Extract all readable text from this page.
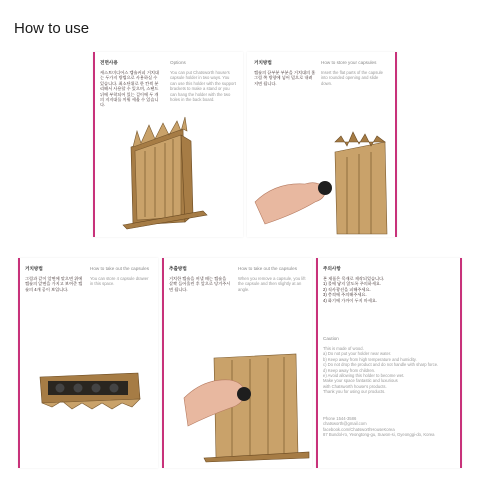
How to use
전면사용
캐스트미디어스 캡슐커피 거치대는 두가지 방법으로 사용하실 수 있습니다. 최소단위로 한 칸씩 분리해서 사용할 수 있으며, 스탠드 뒤에 부착되어 있는 걸이에 두 개의 지지대를 끼워 세울 수 있습니다.
Options
You can put Chatsworth house's capsule holder in two ways. You can use this holder with the support brackets to make a stand or you can hang the holder with the two holes in the back board.
거치방법
캡슐의 끝부분 부분을 거치대의 홈 그림 쪽 방향에 넣어 밀으로 내려 저면 됩니다.
How to store your capsules
Insert the flat parts of the capsule into rounded opening and slide down.
거치방법
그림과 같이 앞면에 맞으면 위에 캡슐의 앞면을 가지고 보여준 캡슐의 4개 공이 보입니다.
How to take out the capsules
You can store 4 capsule drawer in this space.
추출방법
거치한 캡슐을 꺼낼 때는 캡슐을 살짝 들어올린 후 앞으로 당겨주시면 됩니다.
How to take out the capsules
When you remove a capsule, you lift the capsule and then slightly at an angle.
주의사항
본 제품은 목재로 제작되었습니다.
1) 물에 닿지 않도록 주의하세요.
2) 직사광선을 피해주세요.
3) 충격에 주의해주세요.
4) 화기에 가까이 두지 마세요.
Caution
This is made of wood.
a) Do not put your holder near water.
b) Keep away from high temperature and humidity.
c) Do not drop the product and do not handle with sharp force.
d) Keep away from children.
e) Avoid allowing this holder to become wet.
Make your space fantastic and luxurious
with Chatsworth house's products.
Thank you for using our products.
Phone 1544-3586
chatsworth@gmail.com
facebook.com/ChatsworthHouseKorea
87 Bundol-ro, Yeongtong-gu, Suwon-si, Gyeonggi-do, Korea
